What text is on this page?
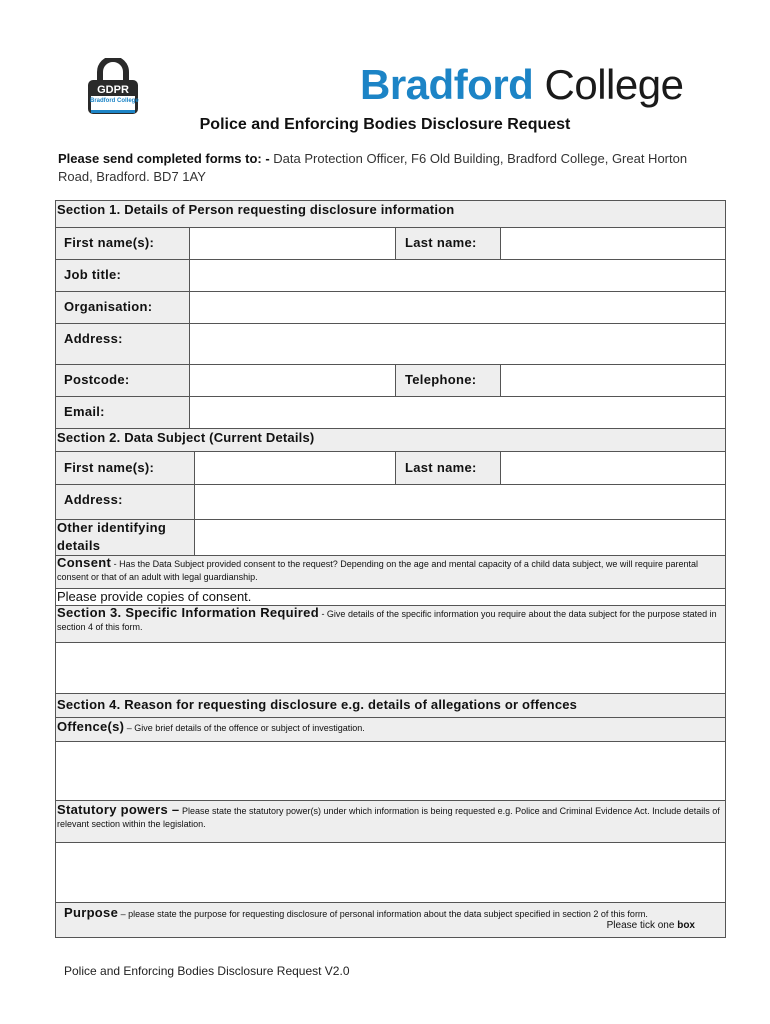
GDPR
Bradford College	Bradford College
Police and Enforcing Bodies Disclosure Request
Please send completed forms to: - Data Protection Officer, F6 Old Building, Bradford College, Great Horton Road, Bradford. BD7 1AY
Section 1. Details of Person requesting disclosure information
First name(s):	Last name:
Job title:
Organisation:
Address:
Postcode:	Telephone:
Email:
Section 2. Data Subject (Current Details)
First name(s):	Last name:
Address:
Other identifying
details
Consent - Has the Data Subject provided consent to the request? Depending on the age and mental capacity of a child data subject, we will require parental consent or that of an adult with legal guardianship.
Please provide copies of consent.
Section 3. Specific Information Required - Give details of the specific information you require about the data subject for the purpose stated in section 4 of this form.
Section 4. Reason for requesting disclosure e.g. details of allegations or offences
Offence(s) – Give brief details of the offence or subject of investigation.
Statutory powers – Please state the statutory power(s) under which information is being requested e.g. Police and Criminal Evidence Act. Include details of relevant section within the legislation.
Purpose – please state the purpose for requesting disclosure of personal information about the data subject specified in section 2 of this form.
Please tick one box
Police and Enforcing Bodies Disclosure Request V2.0
